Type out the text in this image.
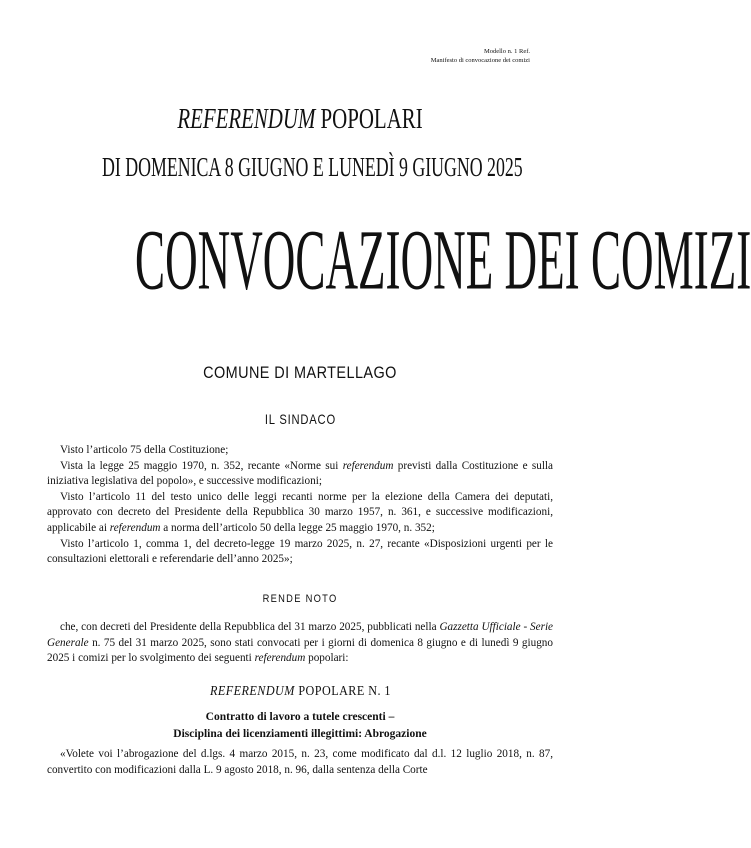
Modello n. 1 Ref.
Manifesto di convocazione dei comizi
REFERENDUM POPOLARI
DI DOMENICA 8 GIUGNO E LUNEDÌ 9 GIUGNO 2025
CONVOCAZIONE DEI COMIZI
COMUNE DI MARTELLAGO
IL SINDACO

Visto l’articolo 75 della Costituzione;

Vista la legge 25 maggio 1970, n. 352, recante «Norme sui referendum previsti dalla Costituzione e sulla iniziativa legislativa del popolo», e successive modificazioni;

Visto l’articolo 11 del testo unico delle leggi recanti norme per la elezione della Camera dei deputati, approvato con decreto del Presidente della Repubblica 30 marzo 1957, n. 361, e successive modificazioni, applicabile ai referendum a norma dell’articolo 50 della legge 25 maggio 1970, n. 352;

Visto l’articolo 1, comma 1, del decreto-legge 19 marzo 2025, n. 27, recante «Disposizioni urgenti per le consultazioni elettorali e referendarie dell’anno 2025»;

RENDE NOTO

che, con decreti del Presidente della Repubblica del 31 marzo 2025, pubblicati nella Gazzetta Ufficiale - Serie Generale n. 75 del 31 marzo 2025, sono stati convocati per i giorni di domenica 8 giugno e di lunedì 9 giugno 2025 i comizi per lo svolgimento dei seguenti referendum popolari:

REFERENDUM POPOLARE N. 1
Contratto di lavoro a tutele crescenti –
Disciplina dei licenziamenti illegittimi: Abrogazione

«Volete voi l’abrogazione del d.lgs. 4 marzo 2015, n. 23, come modificato dal d.l. 12 luglio 2018, n. 87, convertito con modificazioni dalla L. 9 agosto 2018, n. 96, dalla sentenza della Corte
